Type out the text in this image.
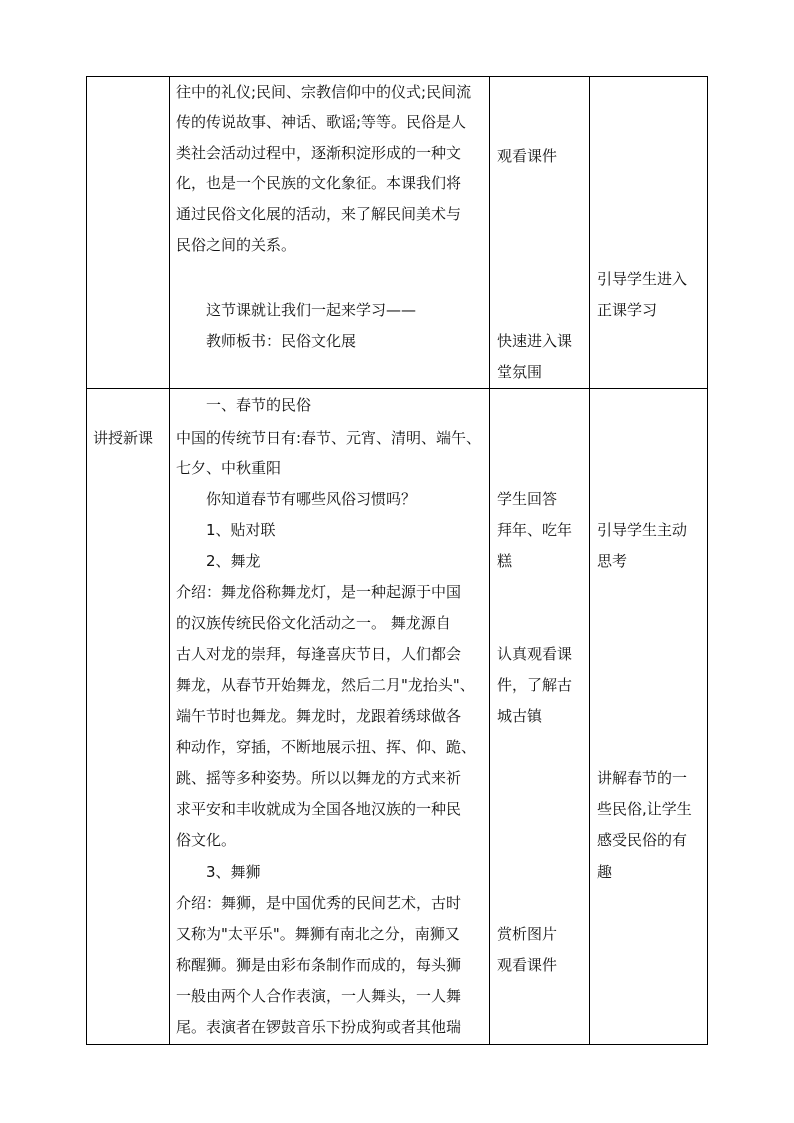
往中的礼仪;民间、宗教信仰中的仪式;民间流
传的传说故事、神话、歌谣;等等。民俗是人
类社会活动过程中，逐渐积淀形成的一种文
化，也是一个民族的文化象征。本课我们将
通过民俗文化展的活动，来了解民间美术与
民俗之间的关系。
这节课就让我们一起来学习——
教师板书：民俗文化展
观看课件
快速进入课
堂氛围
引导学生进入
正课学习
讲授新课
一、春节的民俗
中国的传统节日有:春节、元宵、清明、端午、
七夕、中秋重阳
你知道春节有哪些风俗习惯吗？
1、贴对联
2、舞龙
介绍：舞龙俗称舞龙灯，是一种起源于中国
的汉族传统民俗文化活动之一。 舞龙源自
古人对龙的崇拜，每逢喜庆节日，人们都会
舞龙，从春节开始舞龙，然后二月"龙抬头"、
端午节时也舞龙。舞龙时，龙跟着绣球做各
种动作，穿插，不断地展示扭、挥、仰、跪、
跳、摇等多种姿势。所以以舞龙的方式来祈
求平安和丰收就成为全国各地汉族的一种民
俗文化。
3、舞狮
介绍：舞狮，是中国优秀的民间艺术，古时
又称为"太平乐"。舞狮有南北之分，南狮又
称醒狮。狮是由彩布条制作而成的，每头狮
一般由两个人合作表演，一人舞头，一人舞
尾。表演者在锣鼓音乐下扮成狗或者其他瑞
学生回答
拜年、吃年
糕
认真观看课
件，了解古
城古镇
赏析图片
观看课件
引导学生主动
思考
讲解春节的一
些民俗,让学生
感受民俗的有
趣
